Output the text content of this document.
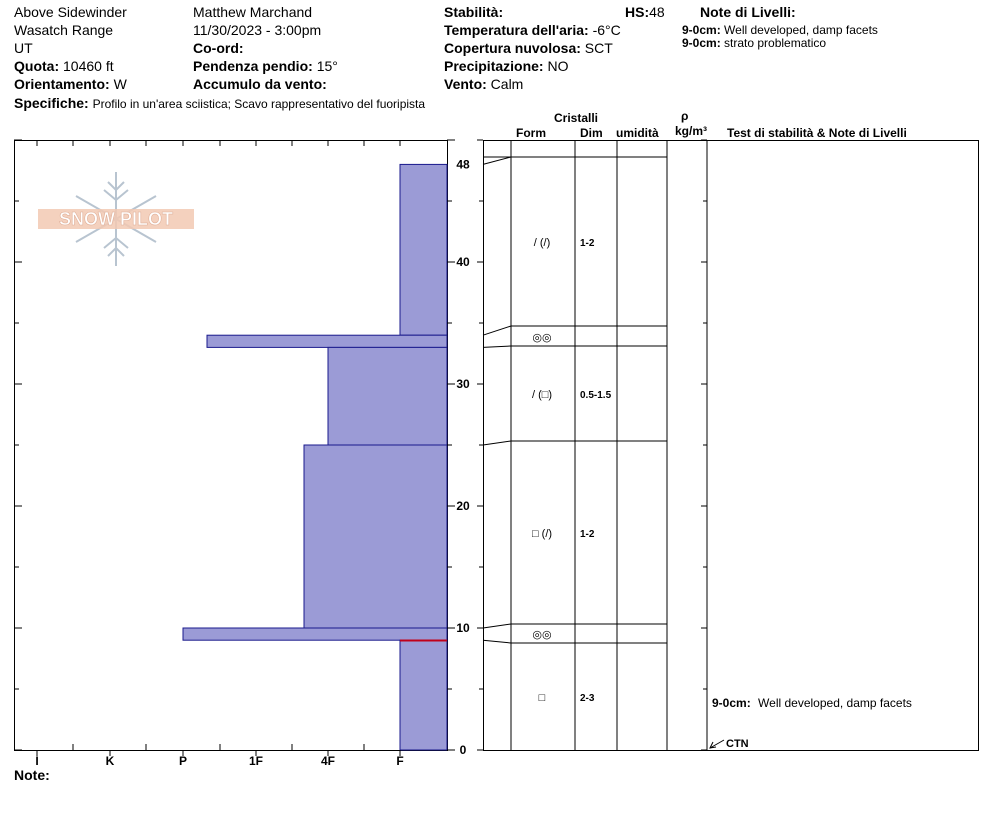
Above Sidewinder
Wasatch Range
UT
Quota: 10460 ft
Orientamento: W
Specifiche: Profilo in un'area sciistica; Scavo rappresentativo del fuoripista
Matthew Marchand
11/30/2023 - 3:00pm
Co-ord:
Pendenza pendio: 15°
Accumulo da vento:
Stabilità:	HS:48
Temperatura dell'aria: -6°C
Copertura nuvolosa: SCT
Precipitazione: NO
Vento: Calm
Note di Livelli:
9-0cm: Well developed, damp facets
9-0cm: strato problematico
Cristalli
Form	Dim umidità
ρ
kg/m³ Test di stabilità & Note di Livelli
SNOW PILOT
I	K	P	1F	4F	F
48
40
30
20
10
0
/ (/)	1-2
◎◎
/ (□)	0.5-1.5
□ (/)	1-2
◎◎
□	2-3
CTN
9-0cm: Well developed, damp facets
Note:
